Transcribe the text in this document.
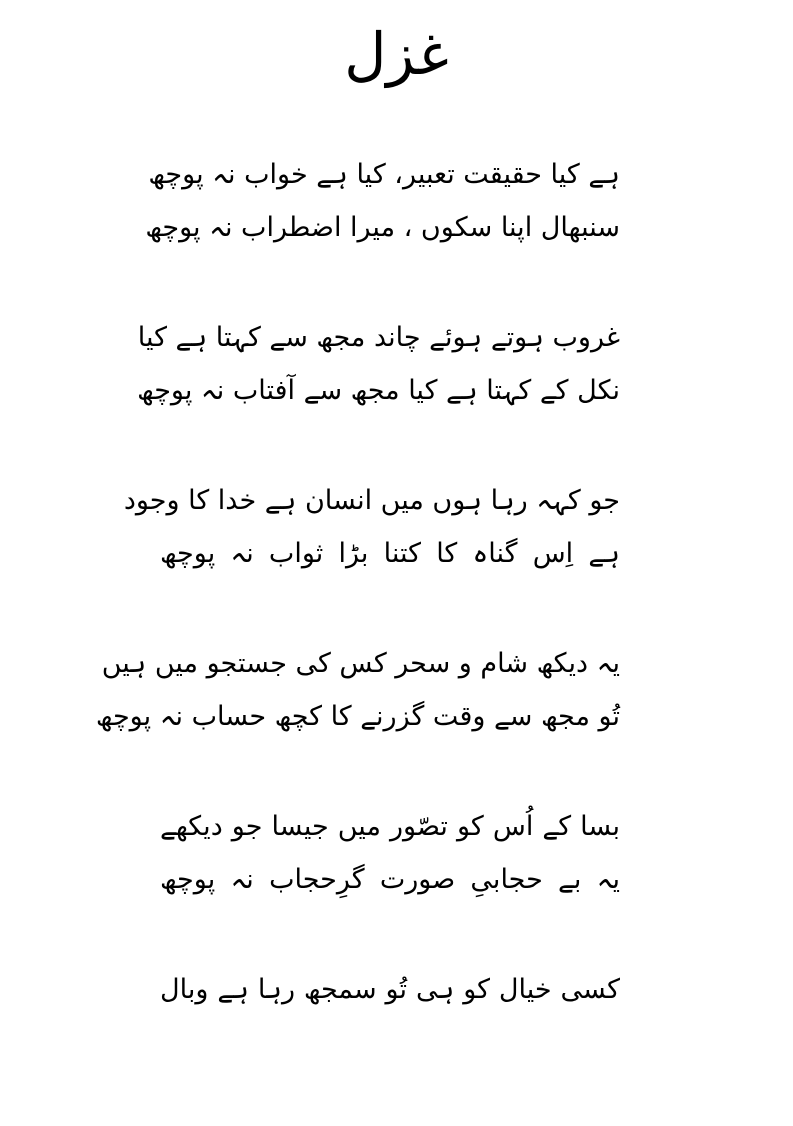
غزل
ہے کیا حقیقت تعبیر، کیا ہے خواب نہ پوچھ
سنبھال اپنا سکوں ، میرا اضطراب نہ پوچھ
غروب ہوتے ہوئے چاند مجھ سے کہتا ہے کیا
نکل کے کہتا ہے کیا مجھ سے آفتاب نہ پوچھ
جو کہہ رہا ہوں میں انسان ہے خدا کا وجود
ہے اِس گناہ کا کتنا بڑا ثواب نہ پوچھ
یہ دیکھ شام و سحر کس کی جستجو میں ہیں
تُو مجھ سے وقت گزرنے کا کچھ حساب نہ پوچھ
بسا کے اُس کو تصّور میں جیسا جو دیکھے
یہ بے حجابیِ صورت گرِحجاب نہ پوچھ
کسی خیال کو ہی تُو سمجھ رہا ہے وبال
